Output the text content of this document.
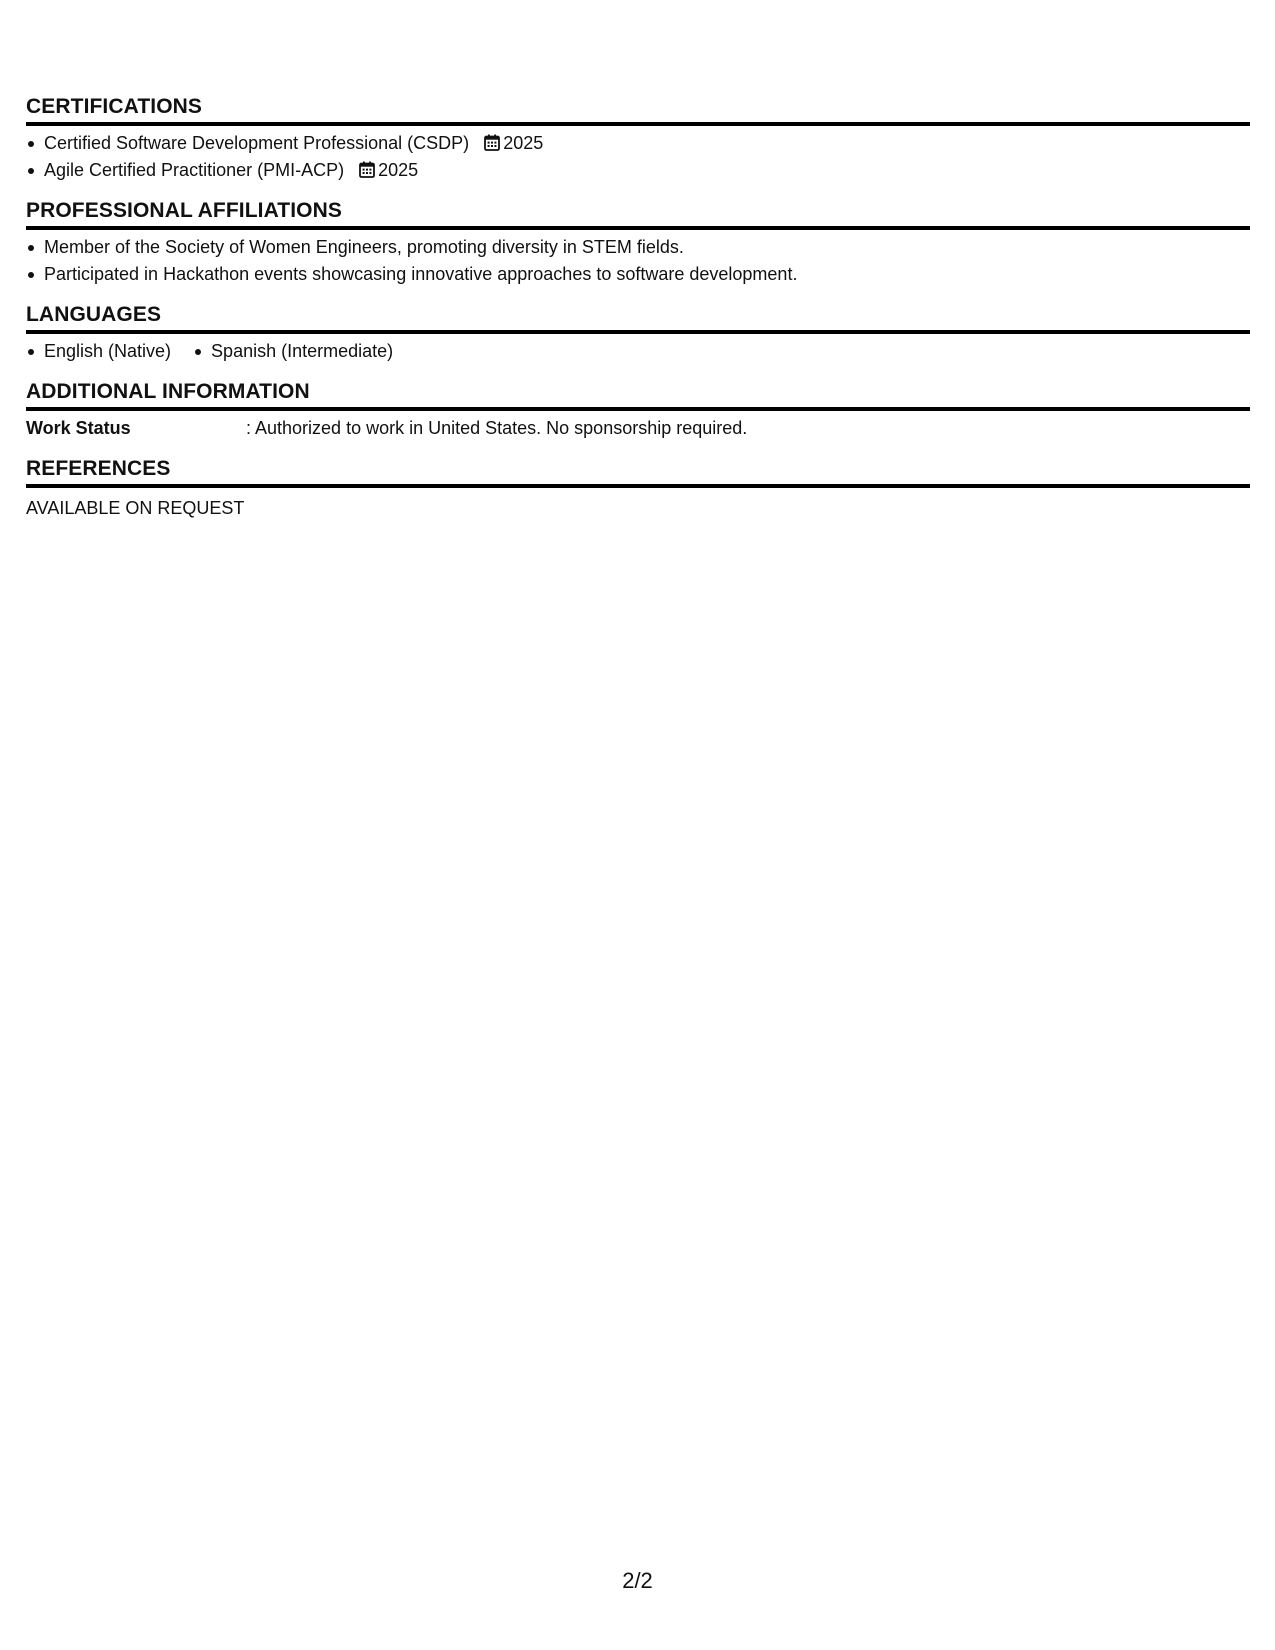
CERTIFICATIONS
Certified Software Development Professional (CSDP) 2025
Agile Certified Practitioner (PMI-ACP) 2025
PROFESSIONAL AFFILIATIONS
Member of the Society of Women Engineers, promoting diversity in STEM fields.
Participated in Hackathon events showcasing innovative approaches to software development.
LANGUAGES
English (Native)	Spanish (Intermediate)
ADDITIONAL INFORMATION
Work Status	: Authorized to work in United States. No sponsorship required.
REFERENCES
AVAILABLE ON REQUEST
2/2
